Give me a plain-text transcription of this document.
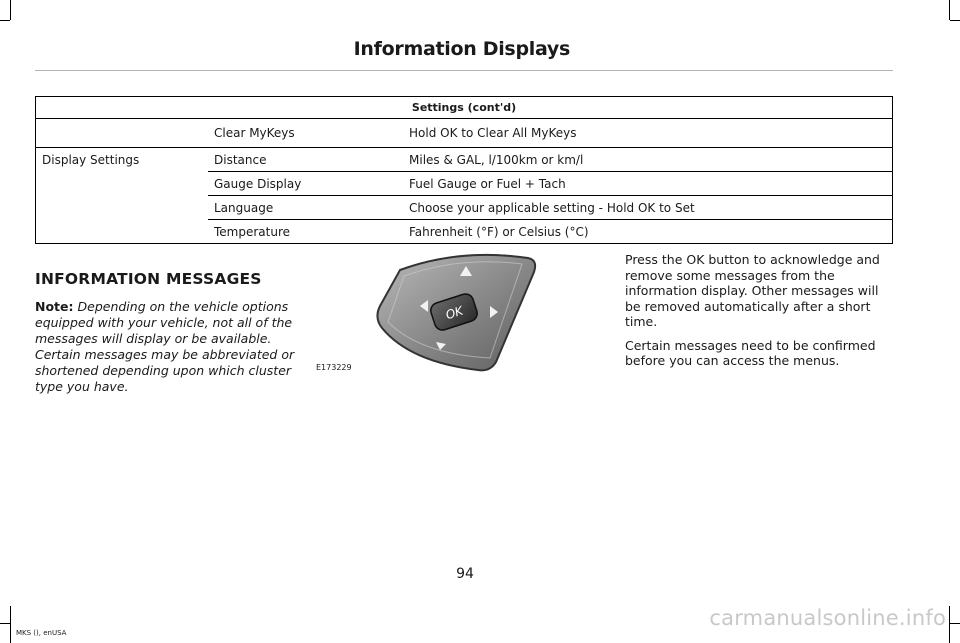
Information Displays
Settings (cont'd)		
	Clear MyKeys	Hold OK to Clear All MyKeys
Display Settings	Distance	Miles & GAL, l/100km or km/l
	Gauge Display	Fuel Gauge or Fuel + Tach
	Language	Choose your applicable setting - Hold OK to Set
	Temperature	Fahrenheit (°F) or Celsius (°C)
INFORMATION MESSAGES
Note: Depending on the vehicle options equipped with your vehicle, not all of the messages will display or be available. Certain messages may be abbreviated or shortened depending upon which cluster type you have.
OK
E173229

Press the OK button to acknowledge and remove some messages from the information display. Other messages will be removed automatically after a short time.

Certain messages need to be confirmed before you can access the menus.

94
MKS (), enUSA
carmanualsonline.info
